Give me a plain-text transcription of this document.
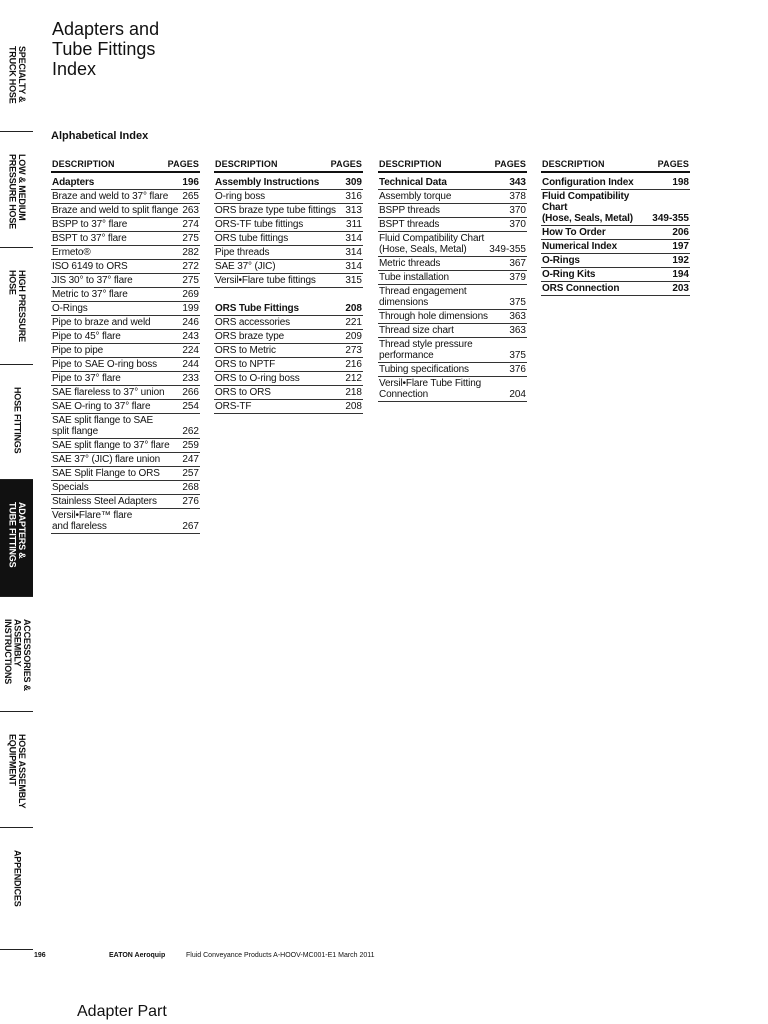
SPECIALTY &
TRUCK HOSE
LOW & MEDIUM
PRESSURE HOSE
HIGH PRESSURE HOSE
HOSE FITTINGS
ADAPTERS &
TUBE FITTINGS
ACCESSORIES &
ASSEMBLY INSTRUCTIONS
HOSE ASSEMBLY
EQUIPMENT
APPENDICES
Adapters and
Tube Fittings
Index
Alphabetical Index
DESCRIPTION	PAGES
Adapters	196
Braze and weld to 37° flare	265
Braze and weld to split flange 263
BSPP to 37° flare	274
BSPT to 37° flare	275
Ermeto®	282
ISO 6149 to ORS	272
JIS 30° to 37° flare	275
Metric to 37° flare	269
O-Rings	199
Pipe to braze and weld	246
Pipe to 45° flare	243
Pipe to pipe	224
Pipe to SAE O-ring boss	244
Pipe to 37° flare	233
SAE flareless to 37° union	266
SAE O-ring to 37° flare	254
SAE split flange to SAE
split flange	262
SAE split flange to 37° flare	259
SAE 37° (JIC) flare union	247
SAE Split Flange to ORS	257
Specials	268
Stainless Steel Adapters	276
Versil•Flare™ flare
and flareless	267
DESCRIPTION	PAGES
Assembly Instructions	309
O-ring boss	316
ORS braze type tube fittings 313
ORS-TF tube fittings	311
ORS tube fittings	314
Pipe threads	314
SAE 37° (JIC)	314
Versil•Flare tube fittings	315
ORS Tube Fittings	208
ORS accessories	221
ORS braze type	209
ORS to Metric	273
ORS to NPTF	216
ORS to O-ring boss	212
ORS to ORS	218
ORS-TF	208
DESCRIPTION	PAGES
Technical Data	343
Assembly torque	378
BSPP threads	370
BSPT threads	370
Fluid Compatibility Chart
(Hose, Seals, Metal)	349-355
Metric threads	367
Tube installation	379
Thread engagement
dimensions	375
Through hole dimensions	363
Thread size chart	363
Thread style pressure
performance	375
Tubing specifications	376
Versil•Flare Tube Fitting
Connection	204
DESCRIPTION	PAGES
Configuration Index	198
Fluid Compatibility Chart
(Hose, Seals, Metal)	349-355
How To Order	206
Numerical Index	197
O-Rings	192
O-Ring Kits	194
ORS Connection	203
196	EATON Aeroquip	Fluid Conveyance Products A-HOOV-MC001-E1 March 2011
Adapter Part
